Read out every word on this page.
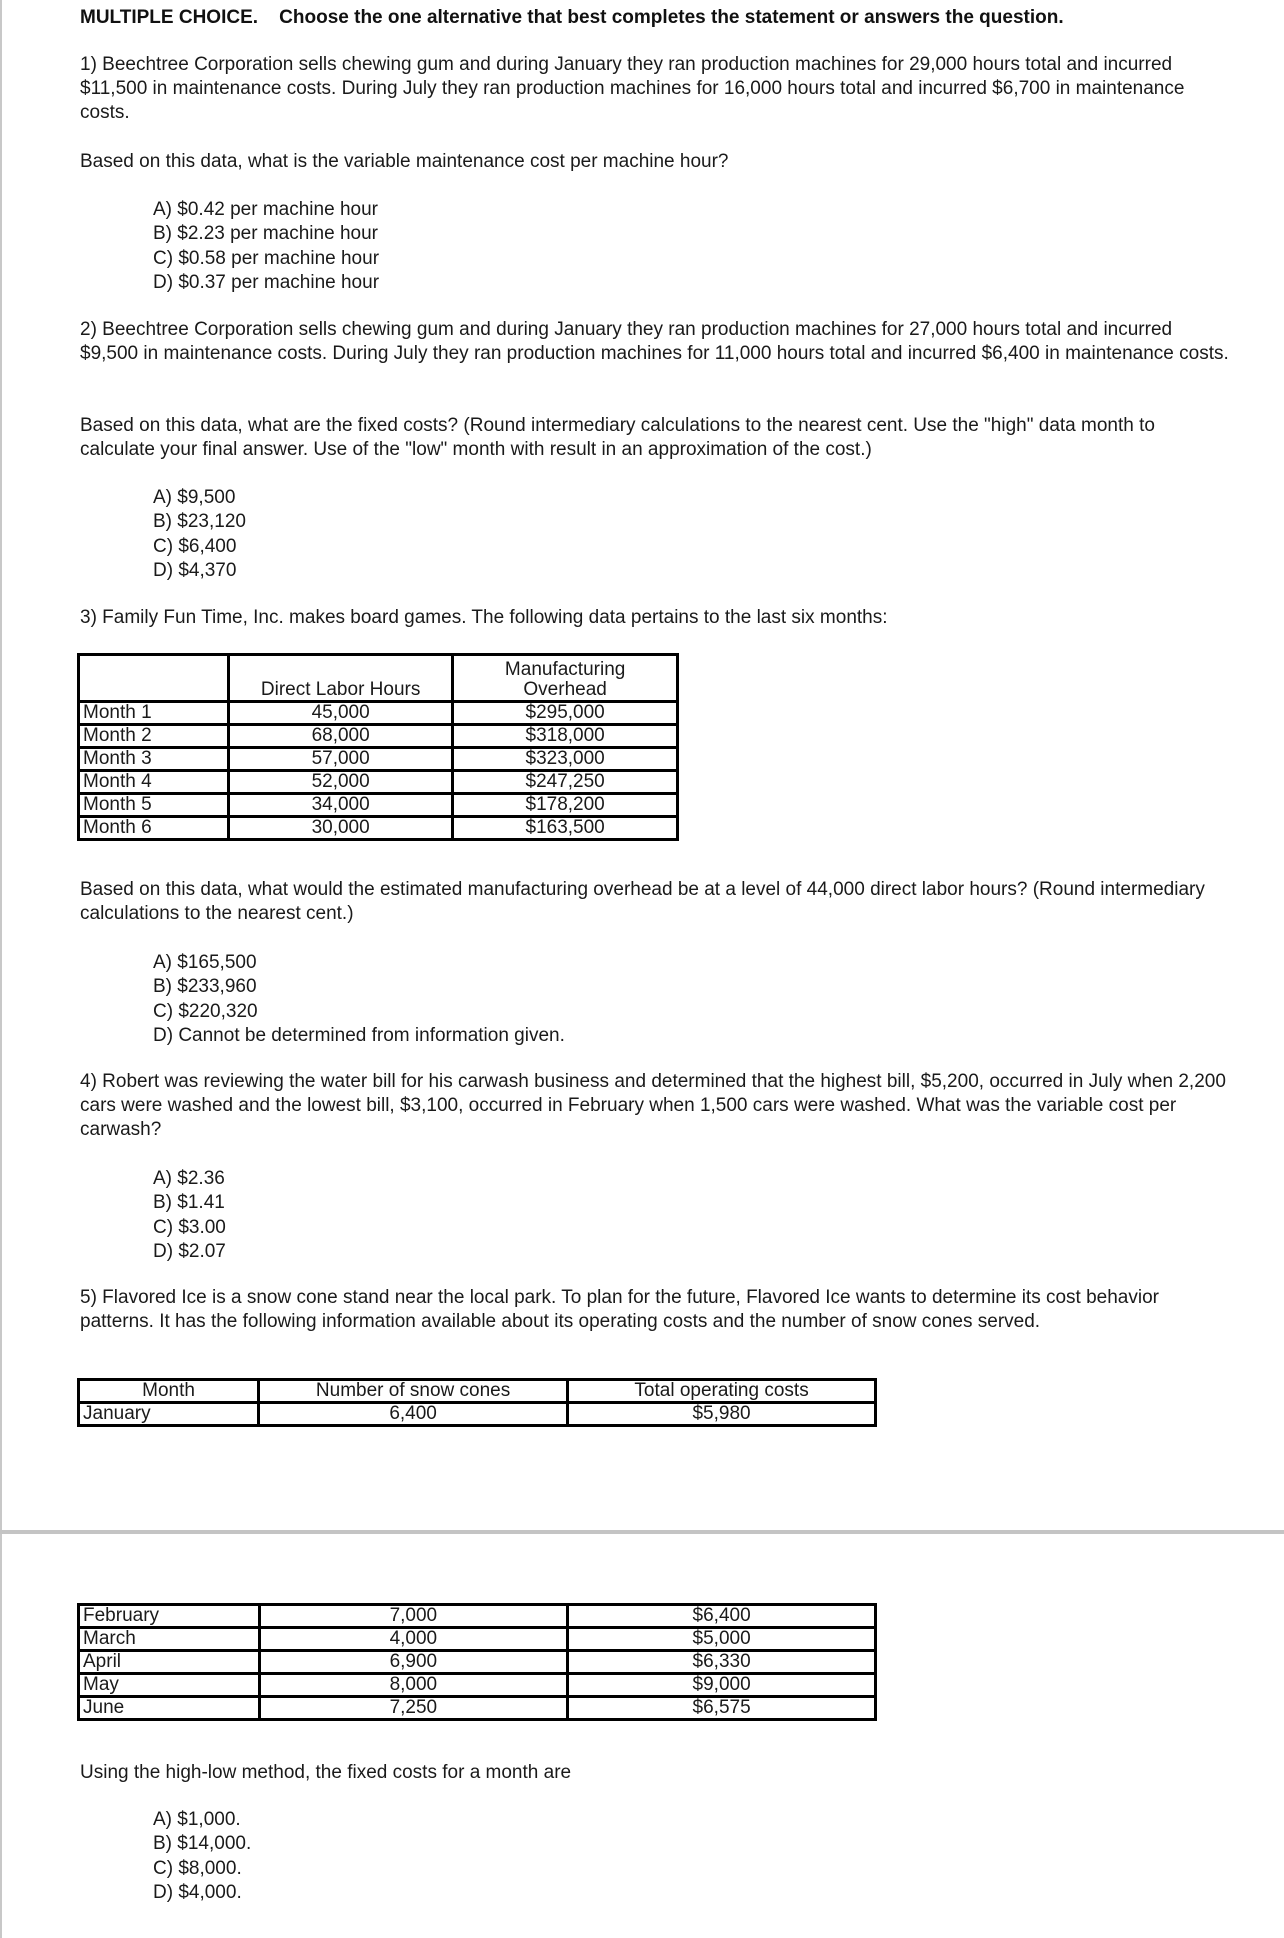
MULTIPLE CHOICE. Choose the one alternative that best completes the statement or answers the question.
1) Beechtree Corporation sells chewing gum and during January they ran production machines for 29,000 hours total and incurred $11,500 in maintenance costs. During July they ran production machines for 16,000 hours total and incurred $6,700 in maintenance costs.
Based on this data, what is the variable maintenance cost per machine hour?
A) $0.42 per machine hour
B) $2.23 per machine hour
C) $0.58 per machine hour
D) $0.37 per machine hour
2) Beechtree Corporation sells chewing gum and during January they ran production machines for 27,000 hours total and incurred $9,500 in maintenance costs. During July they ran production machines for 11,000 hours total and incurred $6,400 in maintenance costs.
Based on this data, what are the fixed costs? (Round intermediary calculations to the nearest cent. Use the "high" data month to calculate your final answer. Use of the "low" month with result in an approximation of the cost.)
A) $9,500
B) $23,120
C) $6,400
D) $4,370
3) Family Fun Time, Inc. makes board games. The following data pertains to the last six months:
	Direct Labor Hours	Manufacturing
Overhead

Month 1	45,000	$295,000
Month 2	68,000	$318,000
Month 3	57,000	$323,000
Month 4	52,000	$247,250
Month 5	34,000	$178,200
Month 6	30,000	$163,500
Based on this data, what would the estimated manufacturing overhead be at a level of 44,000 direct labor hours? (Round intermediary calculations to the nearest cent.)
A) $165,500
B) $233,960
C) $220,320
D) Cannot be determined from information given.
4) Robert was reviewing the water bill for his carwash business and determined that the highest bill, $5,200, occurred in July when 2,200 cars were washed and the lowest bill, $3,100, occurred in February when 1,500 cars were washed. What was the variable cost per carwash?
A) $2.36
B) $1.41
C) $3.00
D) $2.07
5) Flavored Ice is a snow cone stand near the local park. To plan for the future, Flavored Ice wants to determine its cost behavior patterns. It has the following information available about its operating costs and the number of snow cones served.
Month	Number of snow cones	Total operating costs
January	6,400	$5,980
February	7,000	$6,400
March	4,000	$5,000
April	6,900	$6,330
May	8,000	$9,000
June	7,250	$6,575
Using the high-low method, the fixed costs for a month are
A) $1,000.
B) $14,000.
C) $8,000.
D) $4,000.
